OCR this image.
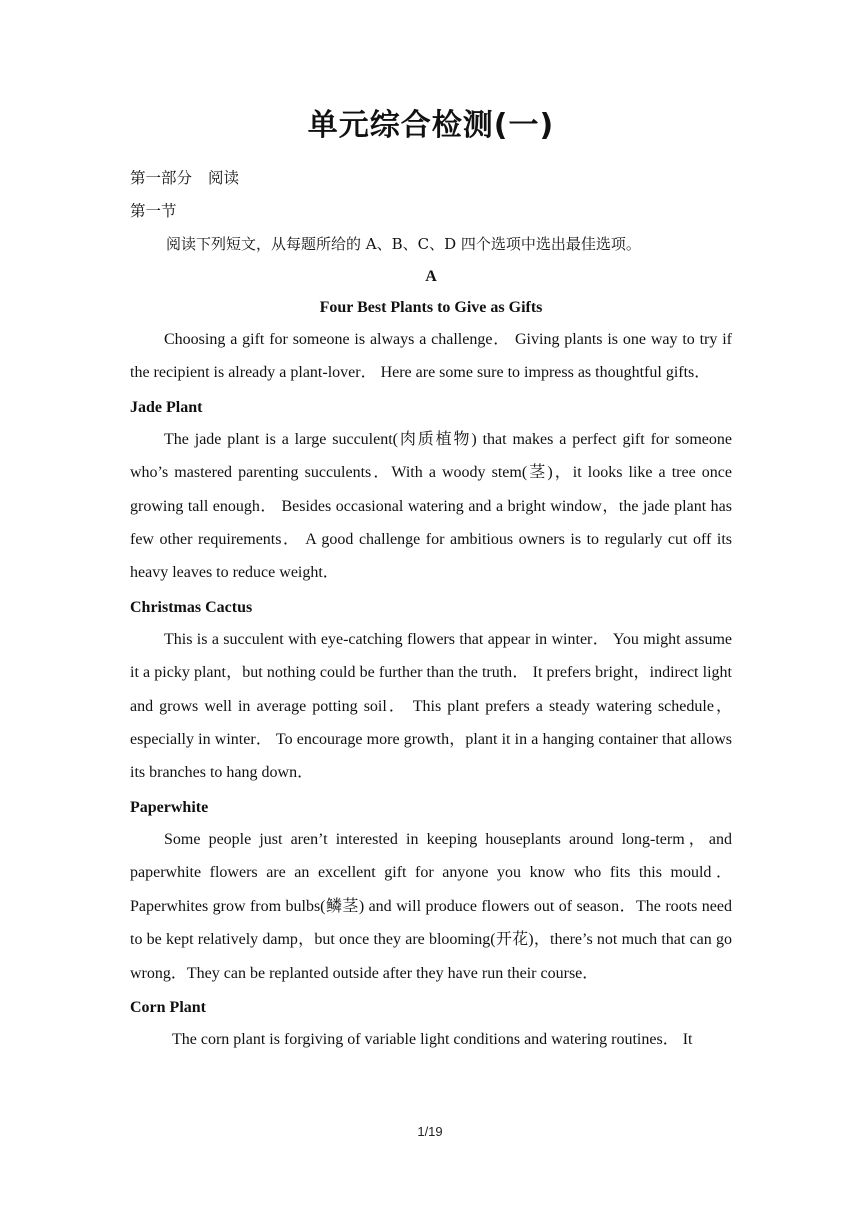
单元综合检测(一)

第一部分 阅读

第一节

阅读下列短文，从每题所给的 A、B、C、D 四个选项中选出最佳选项。

A

Four Best Plants to Give as Gifts

Choosing a gift for someone is always a challenge． Giving plants is one way to try if the recipient is already a plant-lover． Here are some sure to impress as thoughtful gifts．

Jade Plant

The jade plant is a large succulent(肉质植物) that makes a perfect gift for someone who’s mastered parenting succulents．With a woody stem(茎)，it looks like a tree once growing tall enough． Besides occasional watering and a bright window，the jade plant has few other requirements． A good challenge for ambitious owners is to regularly cut off its heavy leaves to reduce weight．

Christmas Cactus

This is a succulent with eye-catching flowers that appear in winter． You might assume it a picky plant，but nothing could be further than the truth． It prefers bright，indirect light and grows well in average potting soil． This plant prefers a steady watering schedule，especially in winter． To encourage more growth，plant it in a hanging container that allows its branches to hang down．

Paperwhite

Some people just aren’t interested in keeping houseplants around long-term，and paperwhite flowers are an excellent gift for anyone you know who fits this mould． Paperwhites grow from bulbs(鳞茎) and will produce flowers out of season．The roots need to be kept relatively damp，but once they are blooming(开花)，there’s not much that can go wrong．They can be replanted outside after they have run their course．

Corn Plant

The corn plant is forgiving of variable light conditions and watering routines． It

1/19
